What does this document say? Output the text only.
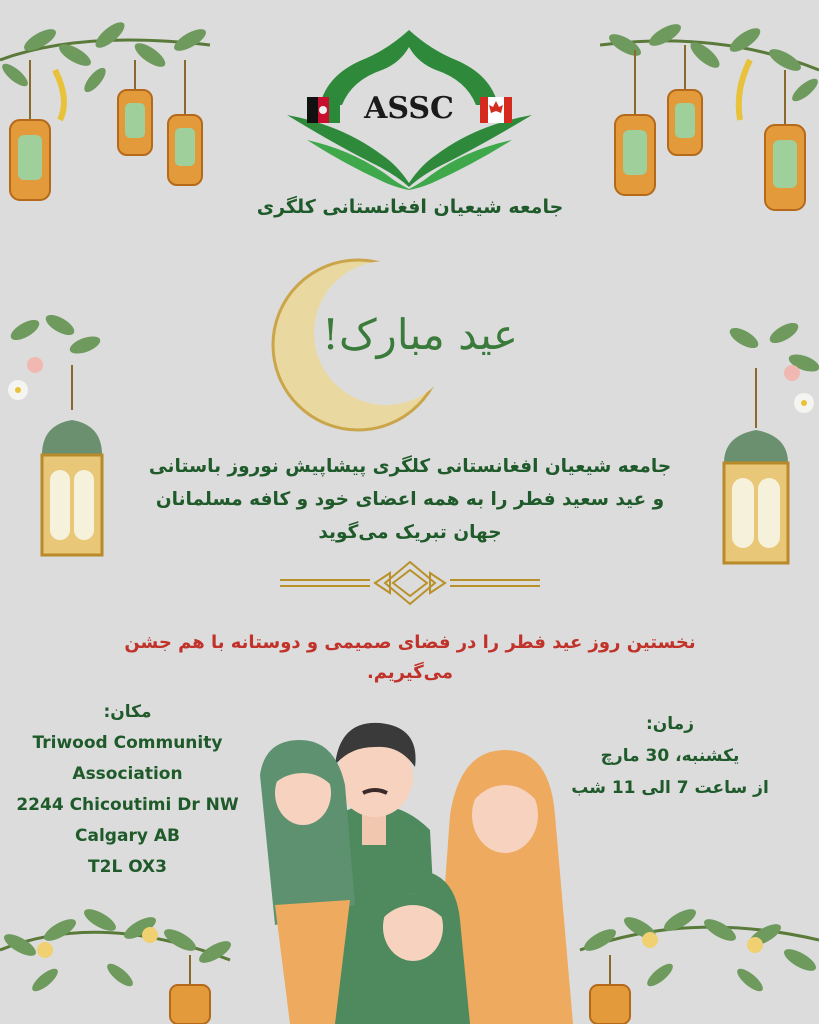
ASSC
جامعه شیعیان افغانستانی کلگری
عید مبارک!
جامعه شیعیان افغانستانی کلگری پیشاپیش نوروز باستانی
و عید سعید فطر را به همه اعضای خود و کافه مسلمانان
جهان تبریک می‌گوید
نخستین روز عید فطر را در فضای صمیمی و دوستانه با هم جشن
می‌گیریم.
مکان:
Triwood Community
Association
2244 Chicoutimi Dr NW
Calgary AB
T2L OX3
زمان:
یکشنبه، 30 مارچ
از ساعت 7 الی 11 شب
